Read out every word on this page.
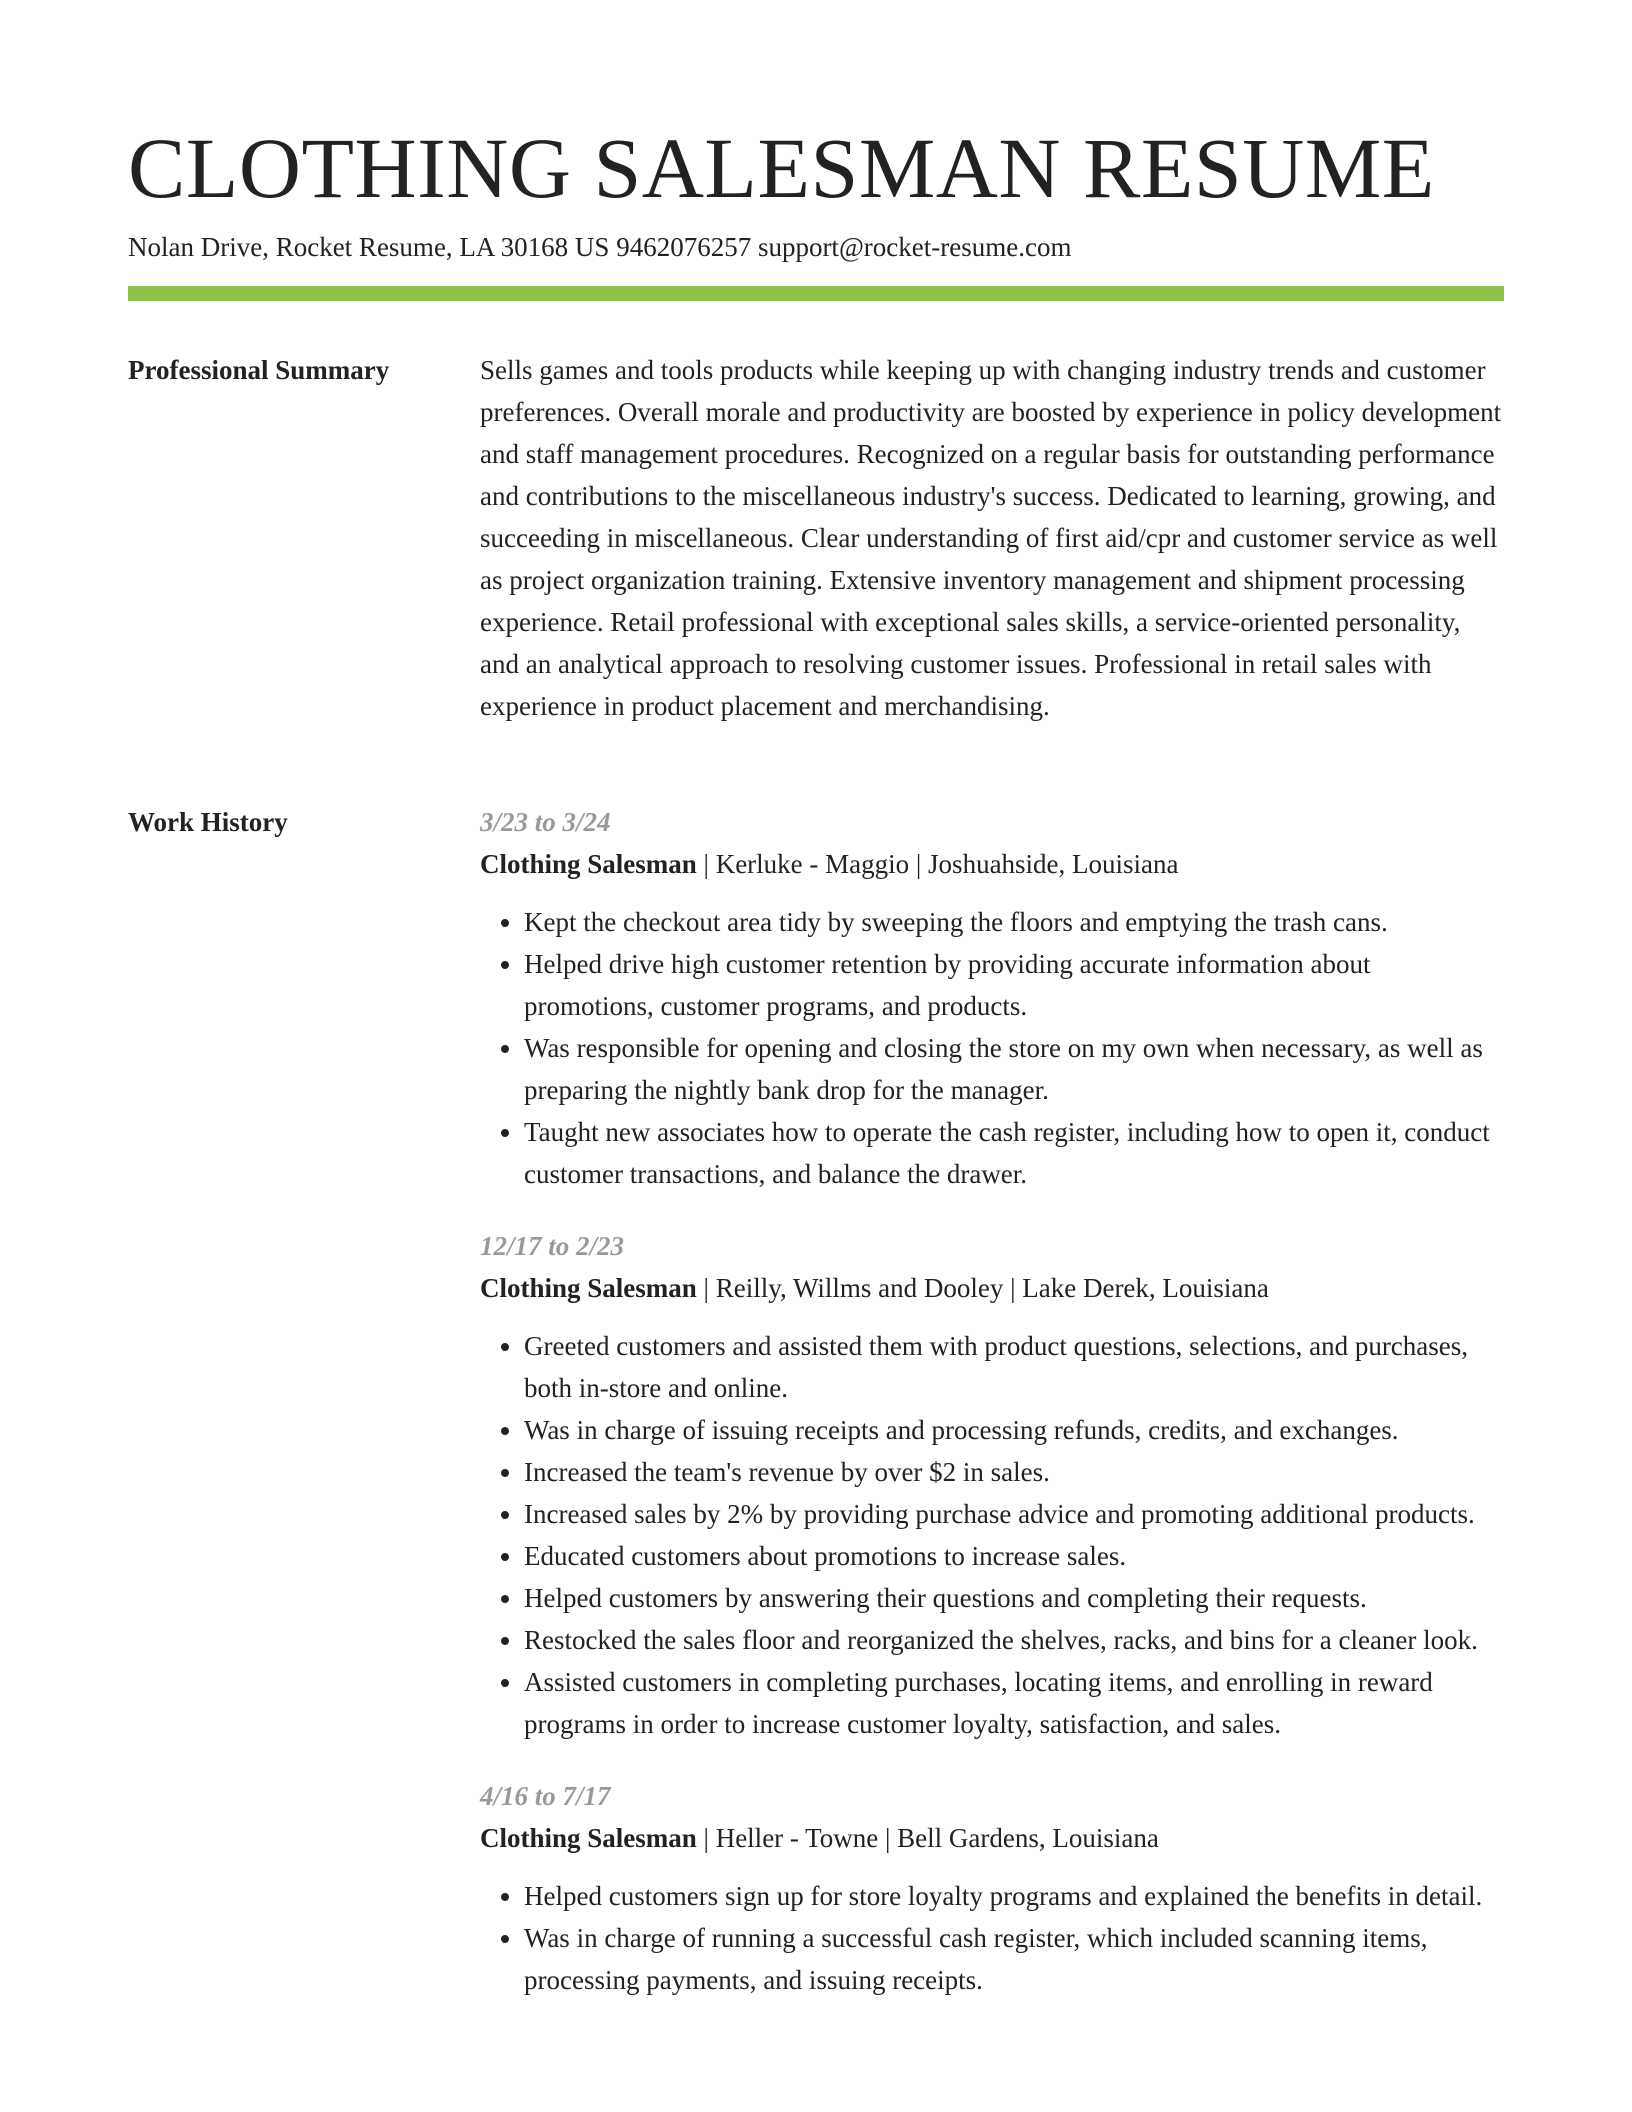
CLOTHING SALESMAN RESUME
Nolan Drive, Rocket Resume, LA 30168 US 9462076257 support@rocket-resume.com
Professional Summary	Sells games and tools products while keeping up with changing industry trends and customer preferences. Overall morale and productivity are boosted by experience in policy development and staff management procedures. Recognized on a regular basis for outstanding performance and contributions to the miscellaneous industry's success. Dedicated to learning, growing, and succeeding in miscellaneous. Clear understanding of first aid/cpr and customer service as well as project organization training. Extensive inventory management and shipment processing experience. Retail professional with exceptional sales skills, a service-oriented personality, and an analytical approach to resolving customer issues. Professional in retail sales with experience in product placement and merchandising.

Work History	3/23 to 3/24
Clothing Salesman | Kerluke - Maggio | Joshuahside, Louisiana
• Kept the checkout area tidy by sweeping the floors and emptying the trash cans.
• Helped drive high customer retention by providing accurate information about promotions, customer programs, and products.
• Was responsible for opening and closing the store on my own when necessary, as well as preparing the nightly bank drop for the manager.
• Taught new associates how to operate the cash register, including how to open it, conduct customer transactions, and balance the drawer.
12/17 to 2/23
Clothing Salesman | Reilly, Willms and Dooley | Lake Derek, Louisiana
• Greeted customers and assisted them with product questions, selections, and purchases, both in-store and online.
• Was in charge of issuing receipts and processing refunds, credits, and exchanges.
• Increased the team's revenue by over $2 in sales.
• Increased sales by 2% by providing purchase advice and promoting additional products.
• Educated customers about promotions to increase sales.
• Helped customers by answering their questions and completing their requests.
• Restocked the sales floor and reorganized the shelves, racks, and bins for a cleaner look.
• Assisted customers in completing purchases, locating items, and enrolling in reward programs in order to increase customer loyalty, satisfaction, and sales.
4/16 to 7/17
Clothing Salesman | Heller - Towne | Bell Gardens, Louisiana
• Helped customers sign up for store loyalty programs and explained the benefits in detail.
• Was in charge of running a successful cash register, which included scanning items, processing payments, and issuing receipts.
